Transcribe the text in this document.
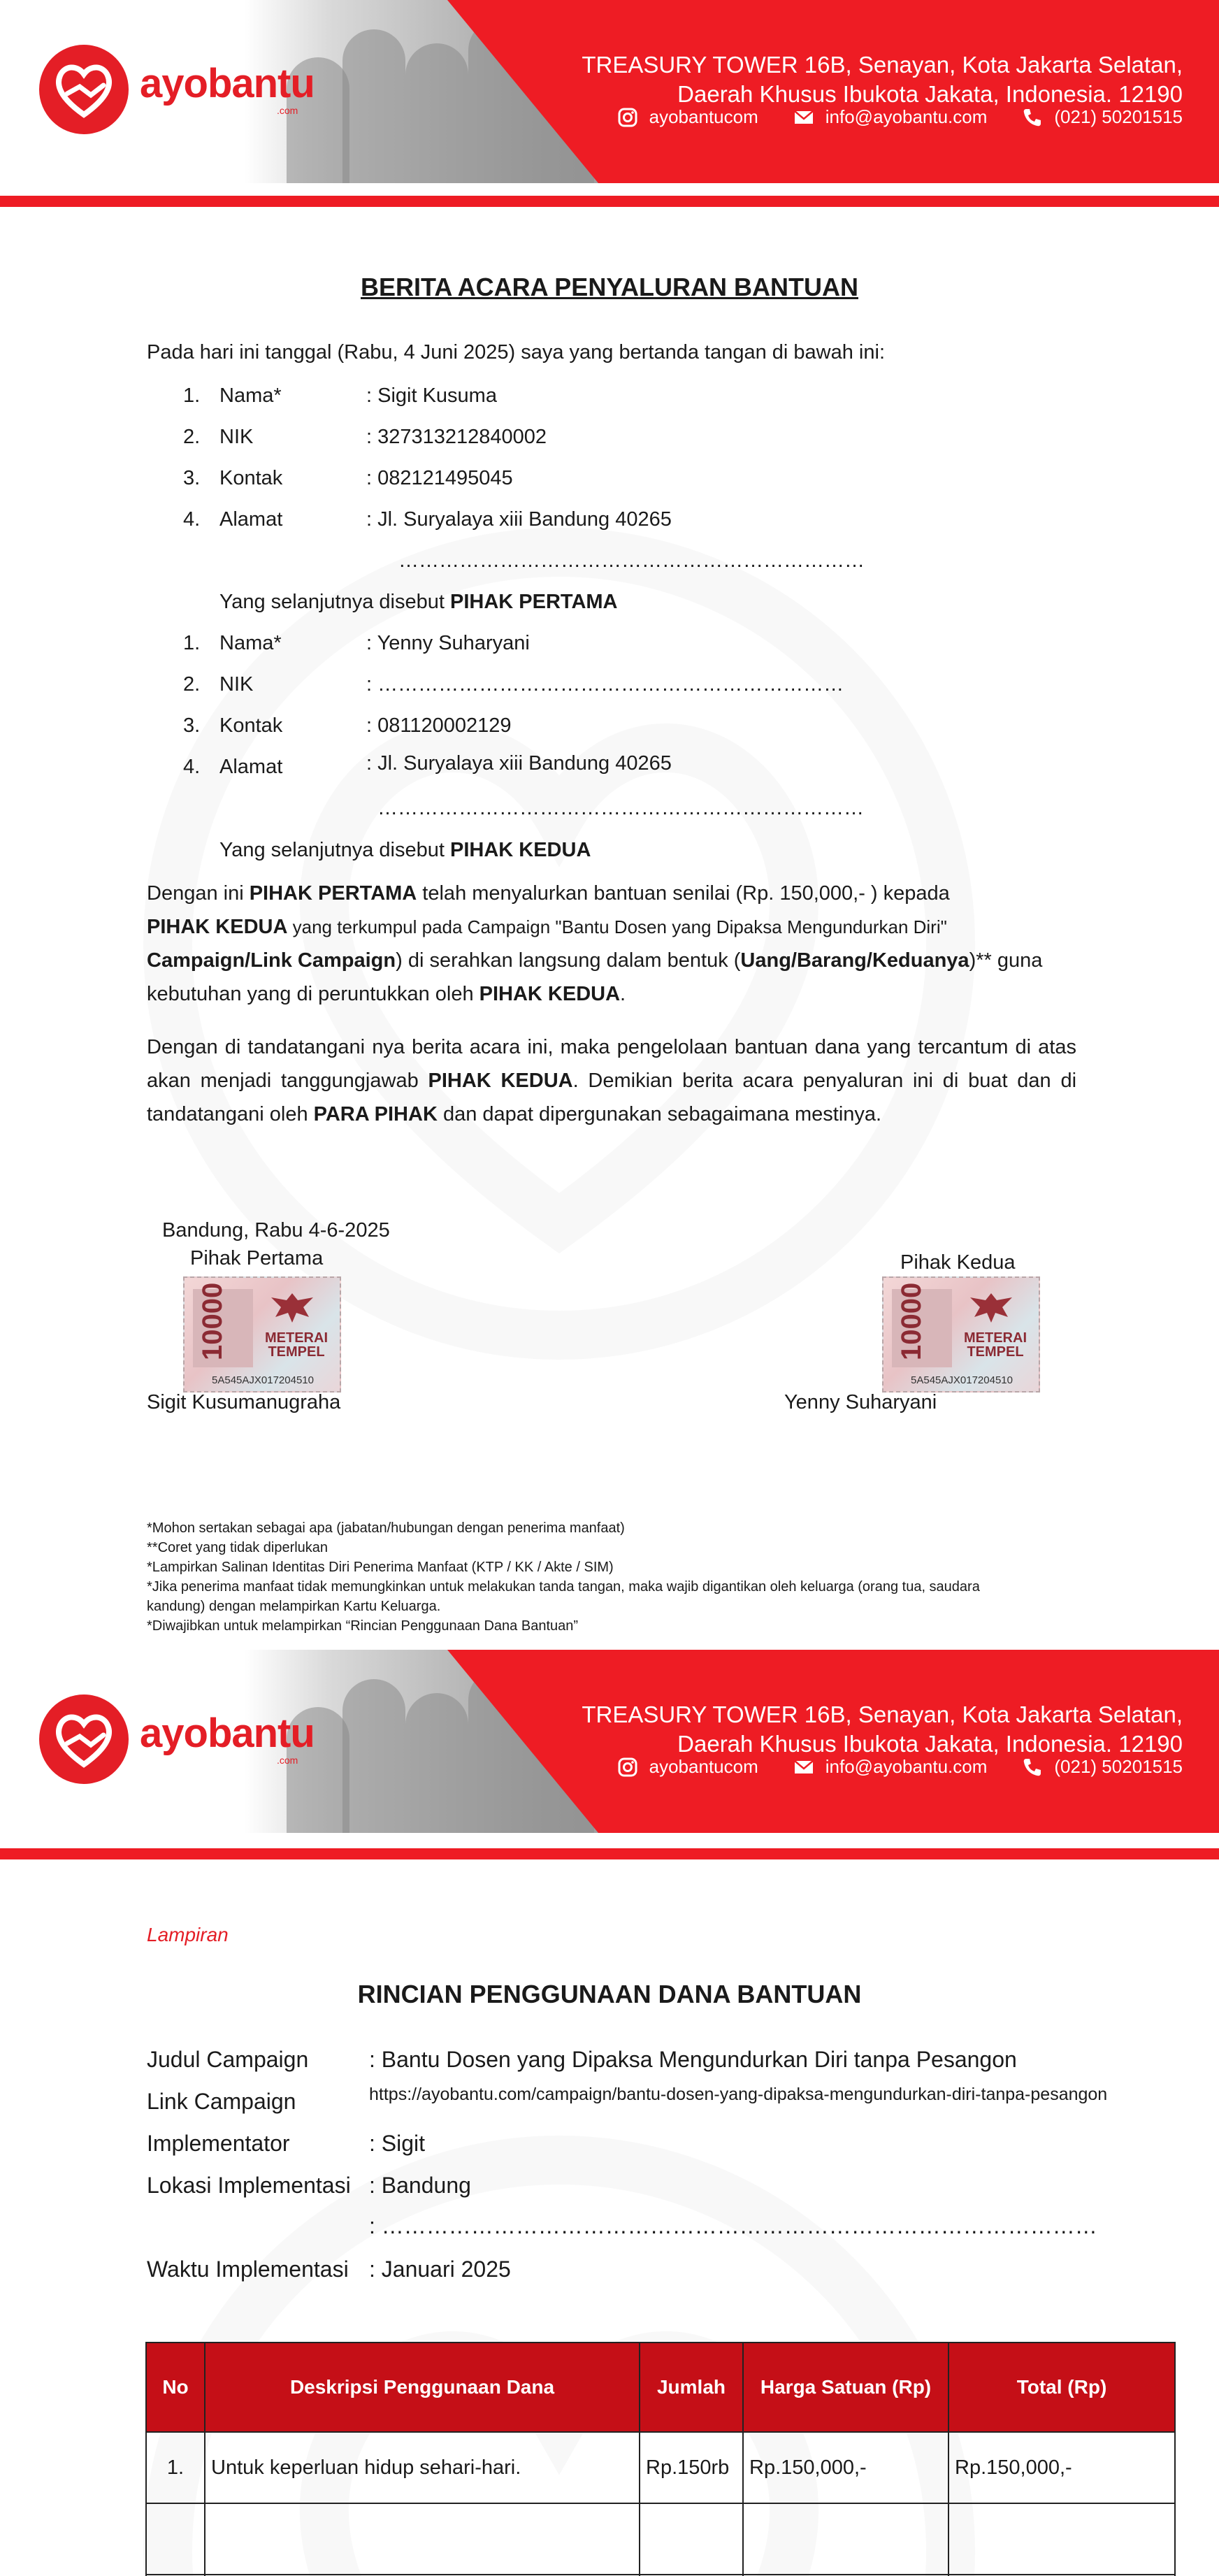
ayobantu
.com
TREASURY TOWER 16B, Senayan, Kota Jakarta Selatan,
Daerah Khusus Ibukota Jakata, Indonesia. 12190
ayobantucom	info@ayobantu.com	(021) 50201515
BERITA ACARA PENYALURAN BANTUAN
Pada hari ini tanggal (Rabu, 4 Juni 2025) saya yang bertanda tangan di bawah ini:
1. Nama*	: Sigit Kusuma
2. NIK	: 327313212840002
3. Kontak	: 082121495045
4. Alamat	: Jl. Suryalaya xiii Bandung 40265
……………………………………………………………
Yang selanjutnya disebut PIHAK PERTAMA
1. Nama*	: Yenny Suharyani
2. NIK	: ……………………………………………………………
3. Kontak	: 081120002129
4. Alamat	: Jl. Suryalaya xiii Bandung 40265
………………………………………………………………
Yang selanjutnya disebut PIHAK KEDUA
Dengan ini PIHAK PERTAMA telah menyalurkan bantuan senilai (Rp. 150,000,- ) kepada
PIHAK KEDUA yang terkumpul pada Campaign "Bantu Dosen yang Dipaksa Mengundurkan Diri"
Campaign/Link Campaign) di serahkan langsung dalam bentuk (Uang/Barang/Keduanya)** guna
kebutuhan yang di peruntukkan oleh PIHAK KEDUA.
Dengan di tandatangani nya berita acara ini, maka pengelolaan bantuan dana yang tercantum di atas akan menjadi tanggungjawab PIHAK KEDUA. Demikian berita acara penyaluran ini di buat dan di tandatangani oleh PARA PIHAK dan dapat dipergunakan sebagaimana mestinya.
Bandung, Rabu 4-6-2025
Pihak Pertama	Pihak Kedua
10000	METERAI
TEMPEL
5A545AJX017204510
10000	METERAI
TEMPEL
5A545AJX017204510
Sigit Kusumanugraha	Yenny Suharyani
*Mohon sertakan sebagai apa (jabatan/hubungan dengan penerima manfaat)
**Coret yang tidak diperlukan
*Lampirkan Salinan Identitas Diri Penerima Manfaat (KTP / KK / Akte / SIM)
*Jika penerima manfaat tidak memungkinkan untuk melakukan tanda tangan, maka wajib digantikan oleh keluarga (orang tua, saudara
kandung) dengan melampirkan Kartu Keluarga.
*Diwajibkan untuk melampirkan “Rincian Penggunaan Dana Bantuan”
ayobantu
.com
TREASURY TOWER 16B, Senayan, Kota Jakarta Selatan,
Daerah Khusus Ibukota Jakata, Indonesia. 12190
ayobantucom	info@ayobantu.com	(021) 50201515
Lampiran
RINCIAN PENGGUNAAN DANA BANTUAN
Judul Campaign	: Bantu Dosen yang Dipaksa Mengundurkan Diri tanpa Pesangon
Link Campaign	https://ayobantu.com/campaign/bantu-dosen-yang-dipaksa-mengundurkan-diri-tanpa-pesangon
Implementator	: Sigit
Lokasi Implementasi : Bandung
: ……………………………………………………………………………………
Waktu Implementasi : Januari 2025
No	Deskripsi Penggunaan Dana	Jumlah	Harga Satuan (Rp)	Total (Rp)
1.	Untuk keperluan hidup sehari-hari.	Rp.150rb	Rp.150,000,-	Rp.150,000,-
